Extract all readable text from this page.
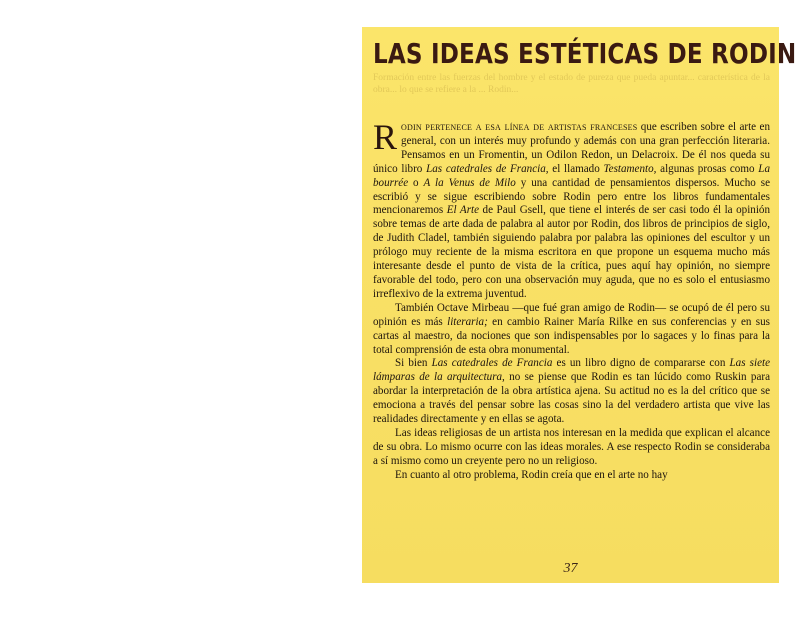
Formación entre las fuerzas del hombre y el estado de pureza que pueda apuntar... característica de la obra... lo que se refiere a la ... Rodin...
LAS IDEAS ESTÉTICAS DE RODIN

Rodin pertenece a esa línea de artistas franceses que escriben sobre el arte en general, con un interés muy profundo y además con una gran perfección literaria. Pensamos en un Fromentin, un Odilon Redon, un Delacroix. De él nos queda su único libro Las catedrales de Francia, el llamado Testamento, algunas prosas como La bourrée o A la Venus de Milo y una cantidad de pensamientos dispersos. Mucho se escribió y se sigue escribiendo sobre Rodin pero entre los libros fundamentales mencionaremos El Arte de Paul Gsell, que tiene el interés de ser casi todo él la opinión sobre temas de arte dada de palabra al autor por Rodin, dos libros de principios de siglo, de Judith Cladel, también siguiendo palabra por palabra las opiniones del escultor y un prólogo muy reciente de la misma escritora en que propone un esquema mucho más interesante desde el punto de vista de la crítica, pues aquí hay opinión, no siempre favorable del todo, pero con una observación muy aguda, que no es solo el entusiasmo irreflexivo de la extrema juventud.

También Octave Mirbeau —que fué gran amigo de Rodin— se ocupó de él pero su opinión es más literaria; en cambio Rainer María Rilke en sus conferencias y en sus cartas al maestro, da nociones que son indispensables por lo sagaces y lo finas para la total comprensión de esta obra monumental.

Si bien Las catedrales de Francia es un libro digno de compararse con Las siete lámparas de la arquitectura, no se piense que Rodin es tan lúcido como Ruskin para abordar la interpretación de la obra artística ajena. Su actitud no es la del crítico que se emociona a través del pensar sobre las cosas sino la del verdadero artista que vive las realidades directamente y en ellas se agota.

Las ideas religiosas de un artista nos interesan en la medida que explican el alcance de su obra. Lo mismo ocurre con las ideas morales. A ese respecto Rodin se consideraba a sí mismo como un creyente pero no un religioso.

En cuanto al otro problema, Rodin creía que en el arte no hay

37
